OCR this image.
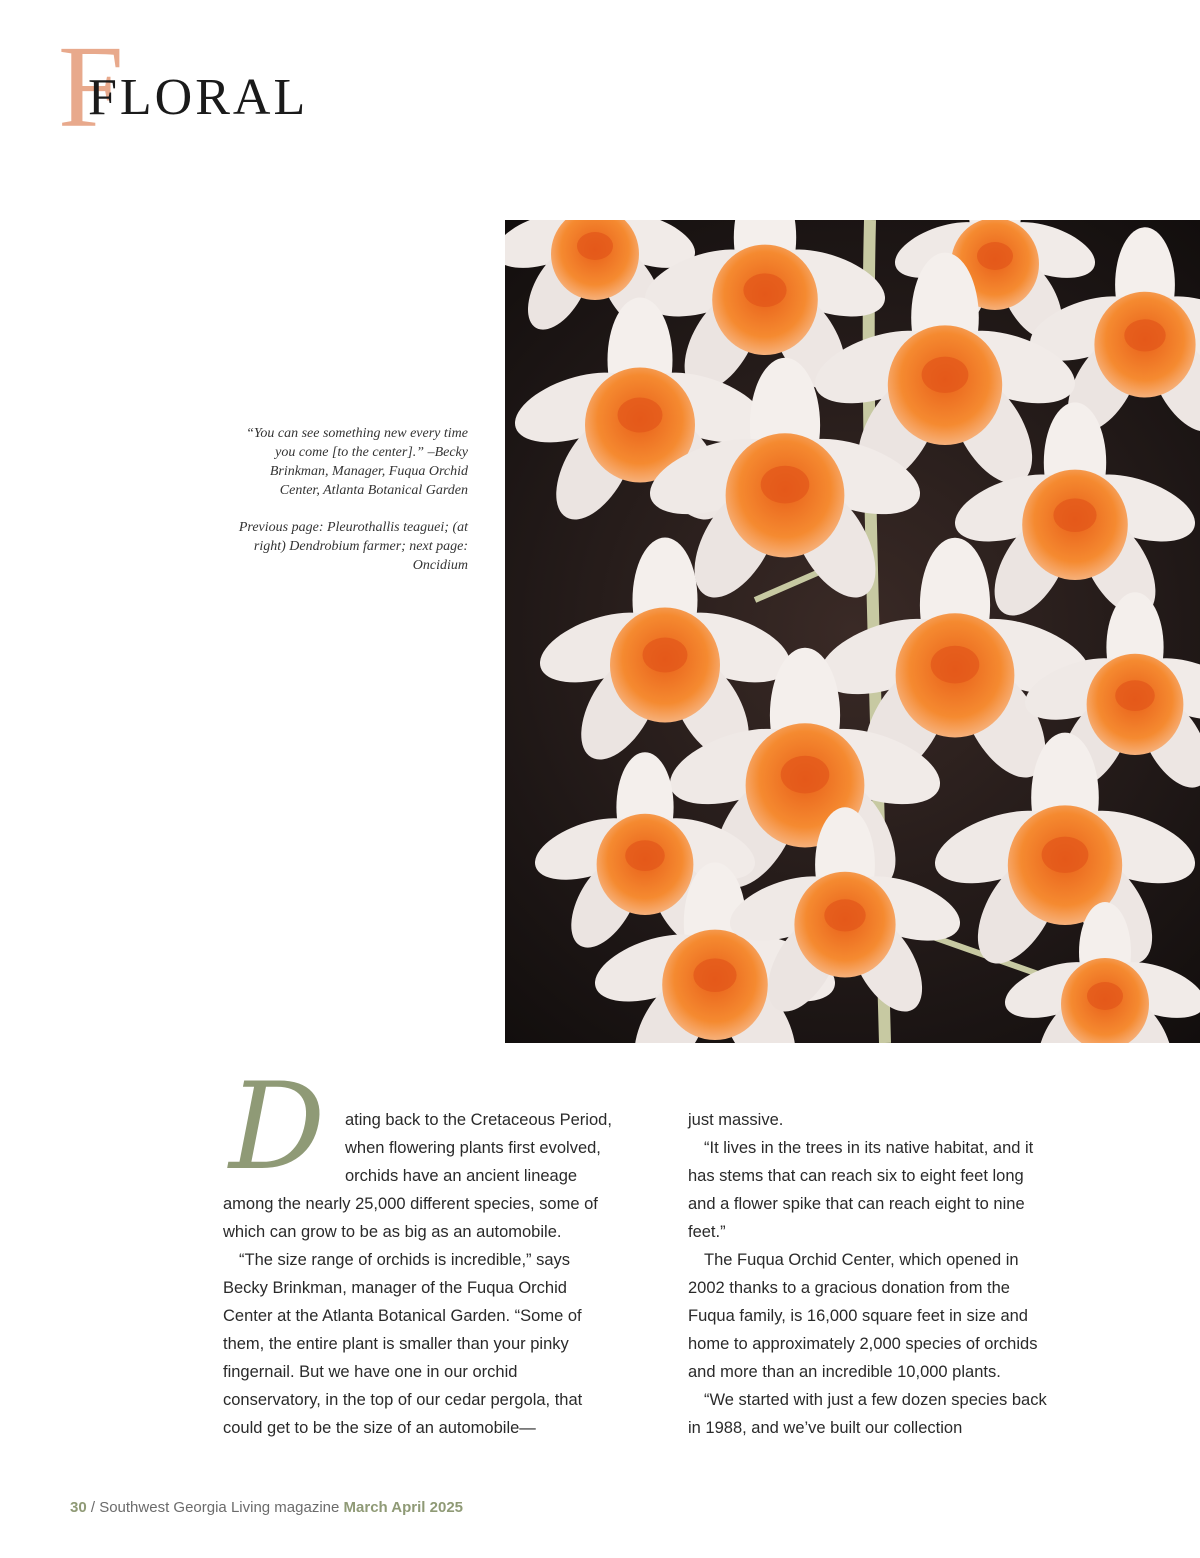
F
FLORAL

“You can see something new every time you come [to the center].” –Becky Brinkman, Manager, Fuqua Orchid Center, Atlanta Botanical Garden

Previous page: Pleurothallis teaguei; (at right) Dendrobium farmer; next page: Oncidium

D ating back to the Cretaceous Period, when flowering plants first evolved, orchids have an ancient lineage among the nearly 25,000 different species, some of which can grow to be as big as an automobile.

“The size range of orchids is incredible,” says Becky Brinkman, manager of the Fuqua Orchid Center at the Atlanta Botanical Garden. “Some of them, the entire plant is smaller than your pinky fingernail. But we have one in our orchid conservatory, in the top of our cedar pergola, that could get to be the size of an automobile—

just massive.

“It lives in the trees in its native habitat, and it has stems that can reach six to eight feet long and a flower spike that can reach eight to nine feet.”

The Fuqua Orchid Center, which opened in 2002 thanks to a gracious donation from the Fuqua family, is 16,000 square feet in size and home to approximately 2,000 species of orchids and more than an incredible 10,000 plants.

“We started with just a few dozen species back in 1988, and we’ve built our collection

30 / Southwest Georgia Living magazine March April 2025
